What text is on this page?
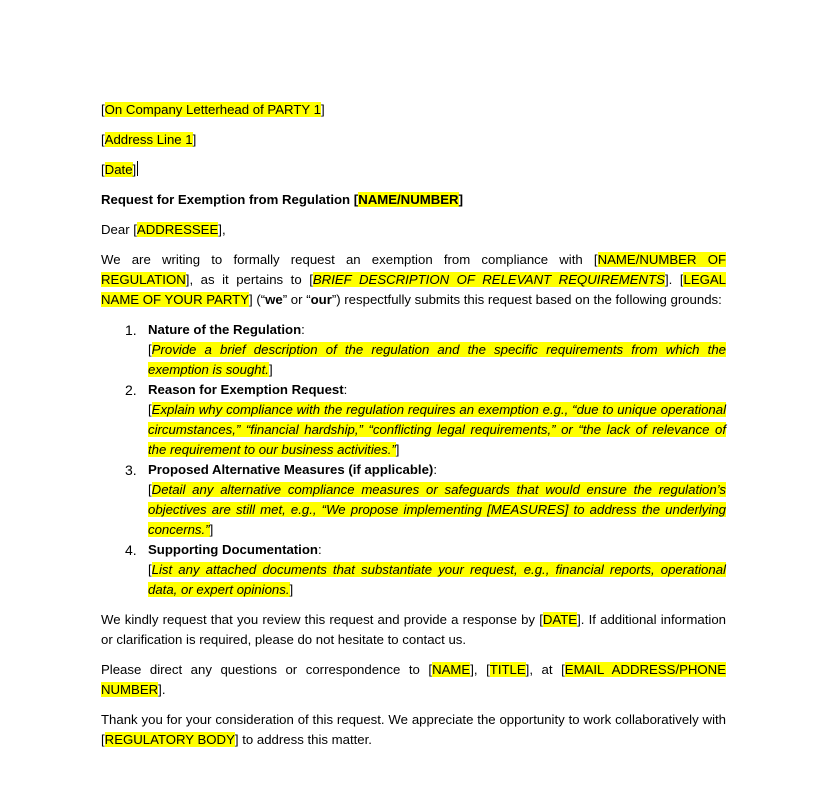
[On Company Letterhead of PARTY 1]

[Address Line 1]

[Date]

Request for Exemption from Regulation [NAME/NUMBER]

Dear [ADDRESSEE],

We are writing to formally request an exemption from compliance with [NAME/NUMBER OF REGULATION], as it pertains to [BRIEF DESCRIPTION OF RELEVANT REQUIREMENTS]. [LEGAL NAME OF YOUR PARTY] (“we” or “our”) respectfully submits this request based on the following grounds:

1. Nature of the Regulation:
[Provide a brief description of the regulation and the specific requirements from which the exemption is sought.]
2. Reason for Exemption Request:
[Explain why compliance with the regulation requires an exemption e.g., “due to unique operational circumstances,” “financial hardship,” “conflicting legal requirements,” or “the lack of relevance of the requirement to our business activities.”]
3. Proposed Alternative Measures (if applicable):
[Detail any alternative compliance measures or safeguards that would ensure the regulation’s objectives are still met, e.g., “We propose implementing [MEASURES] to address the underlying concerns.”]
4. Supporting Documentation:
[List any attached documents that substantiate your request, e.g., financial reports, operational data, or expert opinions.]

We kindly request that you review this request and provide a response by [DATE]. If additional information or clarification is required, please do not hesitate to contact us.

Please direct any questions or correspondence to [NAME], [TITLE], at [EMAIL ADDRESS/PHONE NUMBER].

Thank you for your consideration of this request. We appreciate the opportunity to work collaboratively with [REGULATORY BODY] to address this matter.
